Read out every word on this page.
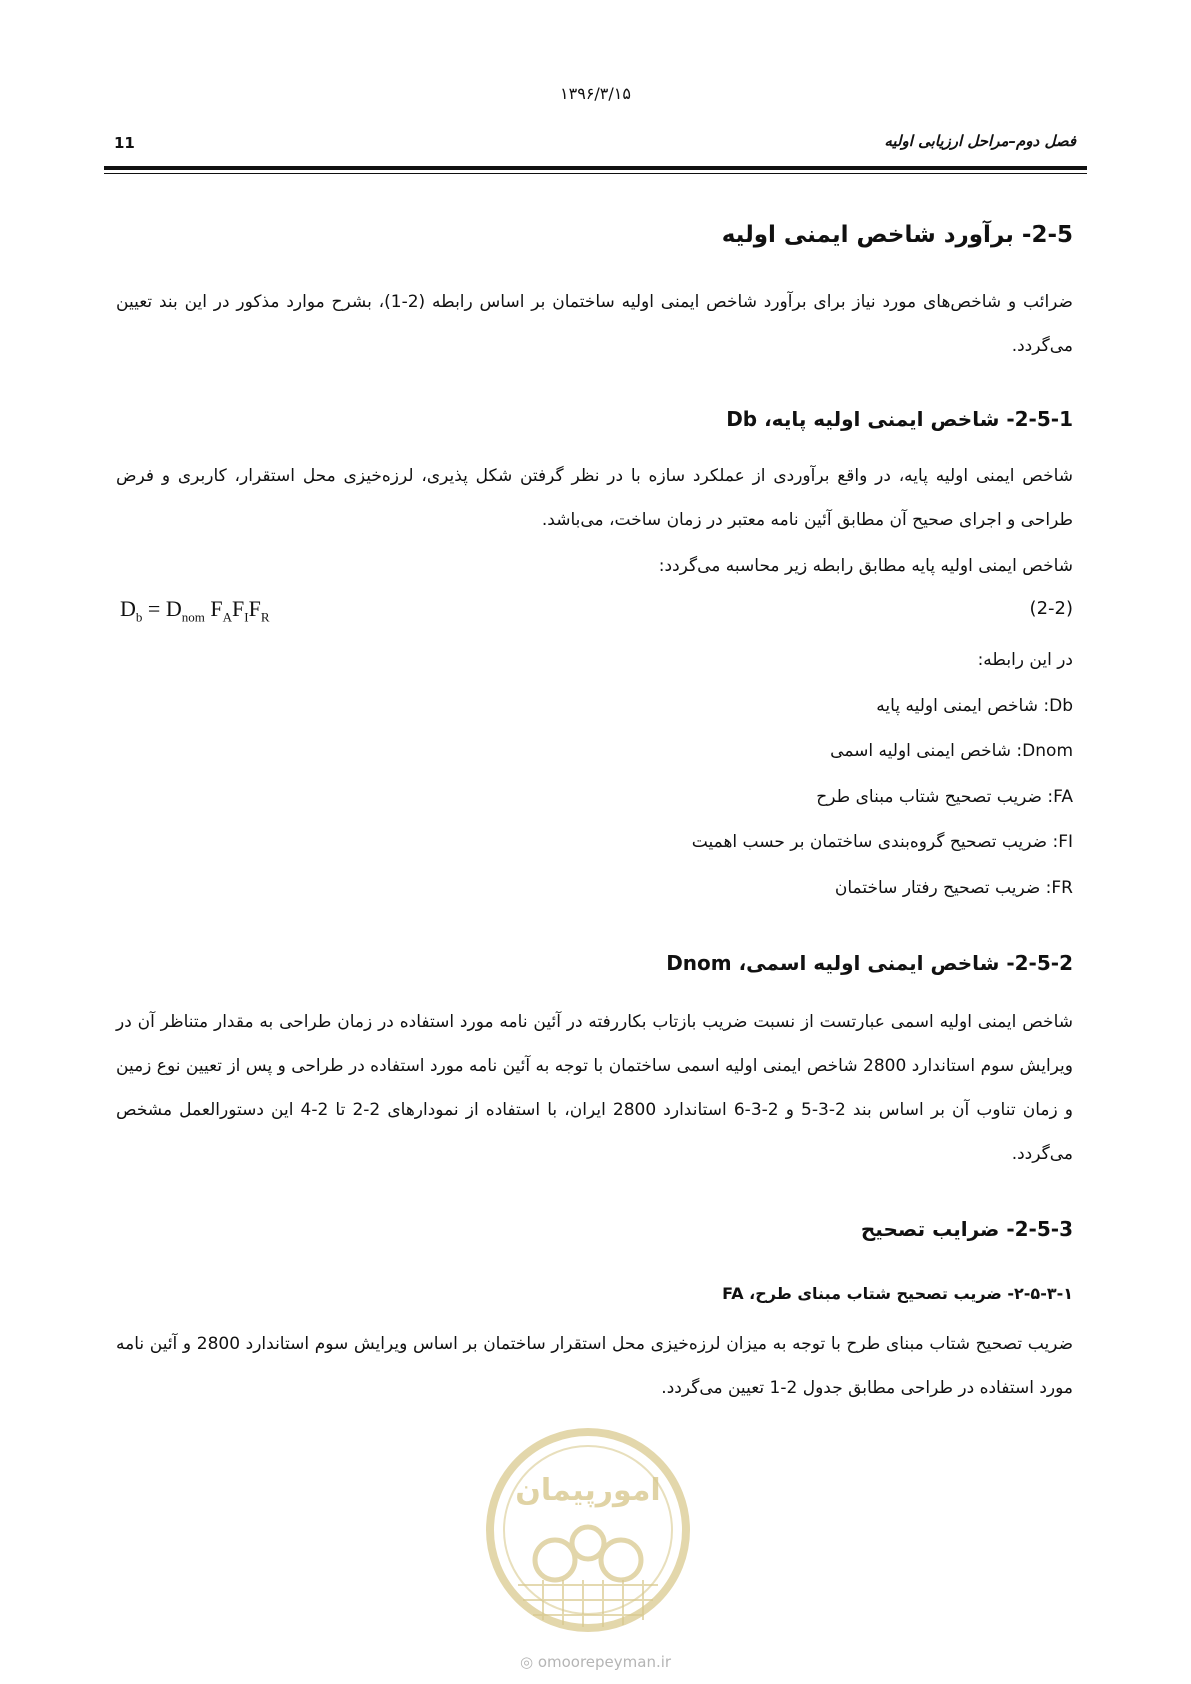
۱۳۹۶/۳/۱۵
11	فصل دوم–مراحل ارزیابی اولیه
2-5- برآورد شاخص ایمنی اولیه
ضرائب و شاخص‌های مورد نیاز برای برآورد شاخص ایمنی اولیه ساختمان بر اساس رابطه (2-1)، بشرح موارد مذکور در این بند تعیین می‌گردد.
2-5-1- شاخص ایمنی اولیه پایه، Db
شاخص ایمنی اولیه پایه، در واقع برآوردی از عملکرد سازه با در نظر گرفتن شکل پذیری، لرزه‌خیزی محل استقرار، کاربری و فرض طراحی و اجرای صحیح آن مطابق آئین نامه معتبر در زمان ساخت، می‌باشد.
شاخص ایمنی اولیه پایه مطابق رابطه زیر محاسبه می‌گردد:
$D_b = D_{nom}$ $F_AF_IF_R$	(2-2)
در این رابطه:
Db: شاخص ایمنی اولیه پایه
Dnom: شاخص ایمنی اولیه اسمی
FA: ضریب تصحیح شتاب مبنای طرح
FI: ضریب تصحیح گروه‌بندی ساختمان بر حسب اهمیت
FR: ضریب تصحیح رفتار ساختمان
2-5-2- شاخص ایمنی اولیه اسمی، Dnom
شاخص ایمنی اولیه اسمی عبارتست از نسبت ضریب بازتاب بکاررفته در آئین نامه مورد استفاده در زمان طراحی به مقدار متناظر آن در ویرایش سوم استاندارد 2800 شاخص ایمنی اولیه اسمی ساختمان با توجه به آئین نامه مورد استفاده در طراحی و پس از تعیین نوع زمین و زمان تناوب آن بر اساس بند 2-3-5 و 2-3-6 استاندارد 2800 ایران، با استفاده از نمودارهای 2-2 تا 2-4 این دستورالعمل مشخص می‌گردد.
2-5-3- ضرایب تصحیح
۲-۵-۳-۱- ضریب تصحیح شتاب مبنای طرح، FA
ضریب تصحیح شتاب مبنای طرح با توجه به میزان لرزه‌خیزی محل استقرار ساختمان بر اساس ویرایش سوم استاندارد 2800 و آئین نامه مورد استفاده در طراحی مطابق جدول 2-1 تعیین می‌گردد.
امورپیمان
◎ omoorepeyman.ir
